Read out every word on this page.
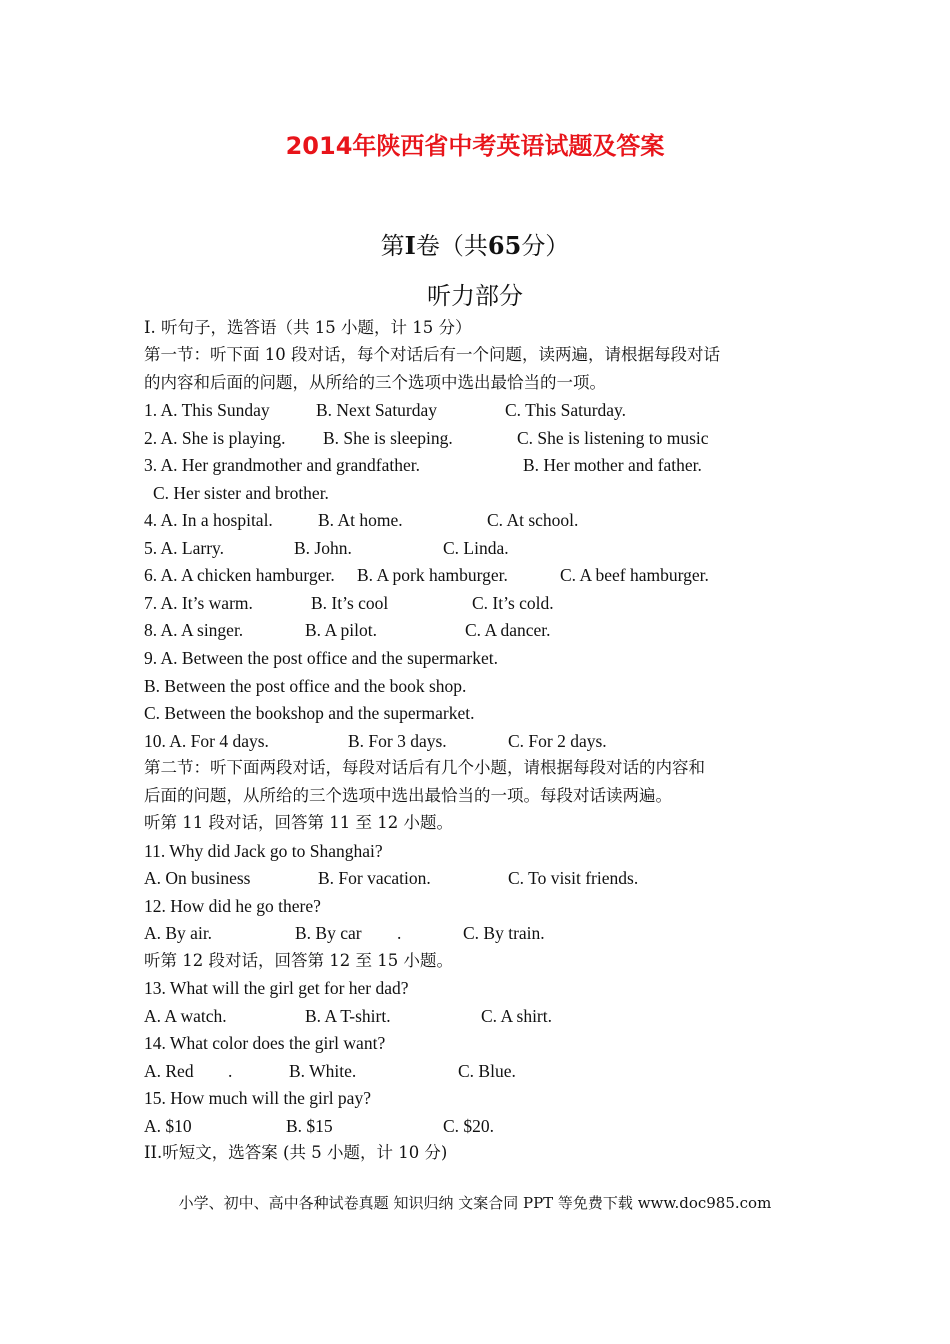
2014年陕西省中考英语试题及答案
第I卷（共65分）
听力部分
I. 听句子，选答语（共 15 小题，计 15 分）
第一节：听下面 10 段对话，每个对话后有一个问题，读两遍，请根据每段对话
的内容和后面的问题，从所给的三个选项中选出最恰当的一项。
1. A. This Sunday	B. Next Saturday	C. This Saturday.
2. A. She is playing. B. She is sleeping.	C. She is listening to music
3. A. Her grandmother and grandfather.	B. Her mother and father.
C. Her sister and brother.
4. A. In a hospital.	B. At home.	C. At school.
5. A. Larry.	B. John.	C. Linda.
6. A. A chicken hamburger. B. A pork hamburger.	C. A beef hamburger.
7. A. It’s warm.	B. It’s cool	C. It’s cold.
8. A. A singer.	B. A pilot.	C. A dancer.
9. A. Between the post office and the supermarket.
B. Between the post office and the book shop.
C. Between the bookshop and the supermarket.
10. A. For 4 days.	B. For 3 days.	C. For 2 days.
第二节：听下面两段对话，每段对话后有几个小题，请根据每段对话的内容和
后面的问题，从所给的三个选项中选出最恰当的一项。每段对话读两遍。
听第 11 段对话，回答第 11 至 12 小题。
11. Why did Jack go to Shanghai?
A. On business	B. For vacation.	C. To visit friends.
12. How did he go there?
A. By air.	B. By car .	C. By train.
听第 12 段对话，回答第 12 至 15 小题。
13. What will the girl get for her dad?
A. A watch.	B. A T-shirt.	C. A shirt.
14. What color does the girl want?
A. Red .	B. White.	C. Blue.
15. How much will the girl pay?
A. $10	B. $15	C. $20.
II.听短文，选答案 (共 5 小题，计 10 分)
小学、初中、高中各种试卷真题 知识归纳 文案合同 PPT 等免费下载 www.doc985.com
